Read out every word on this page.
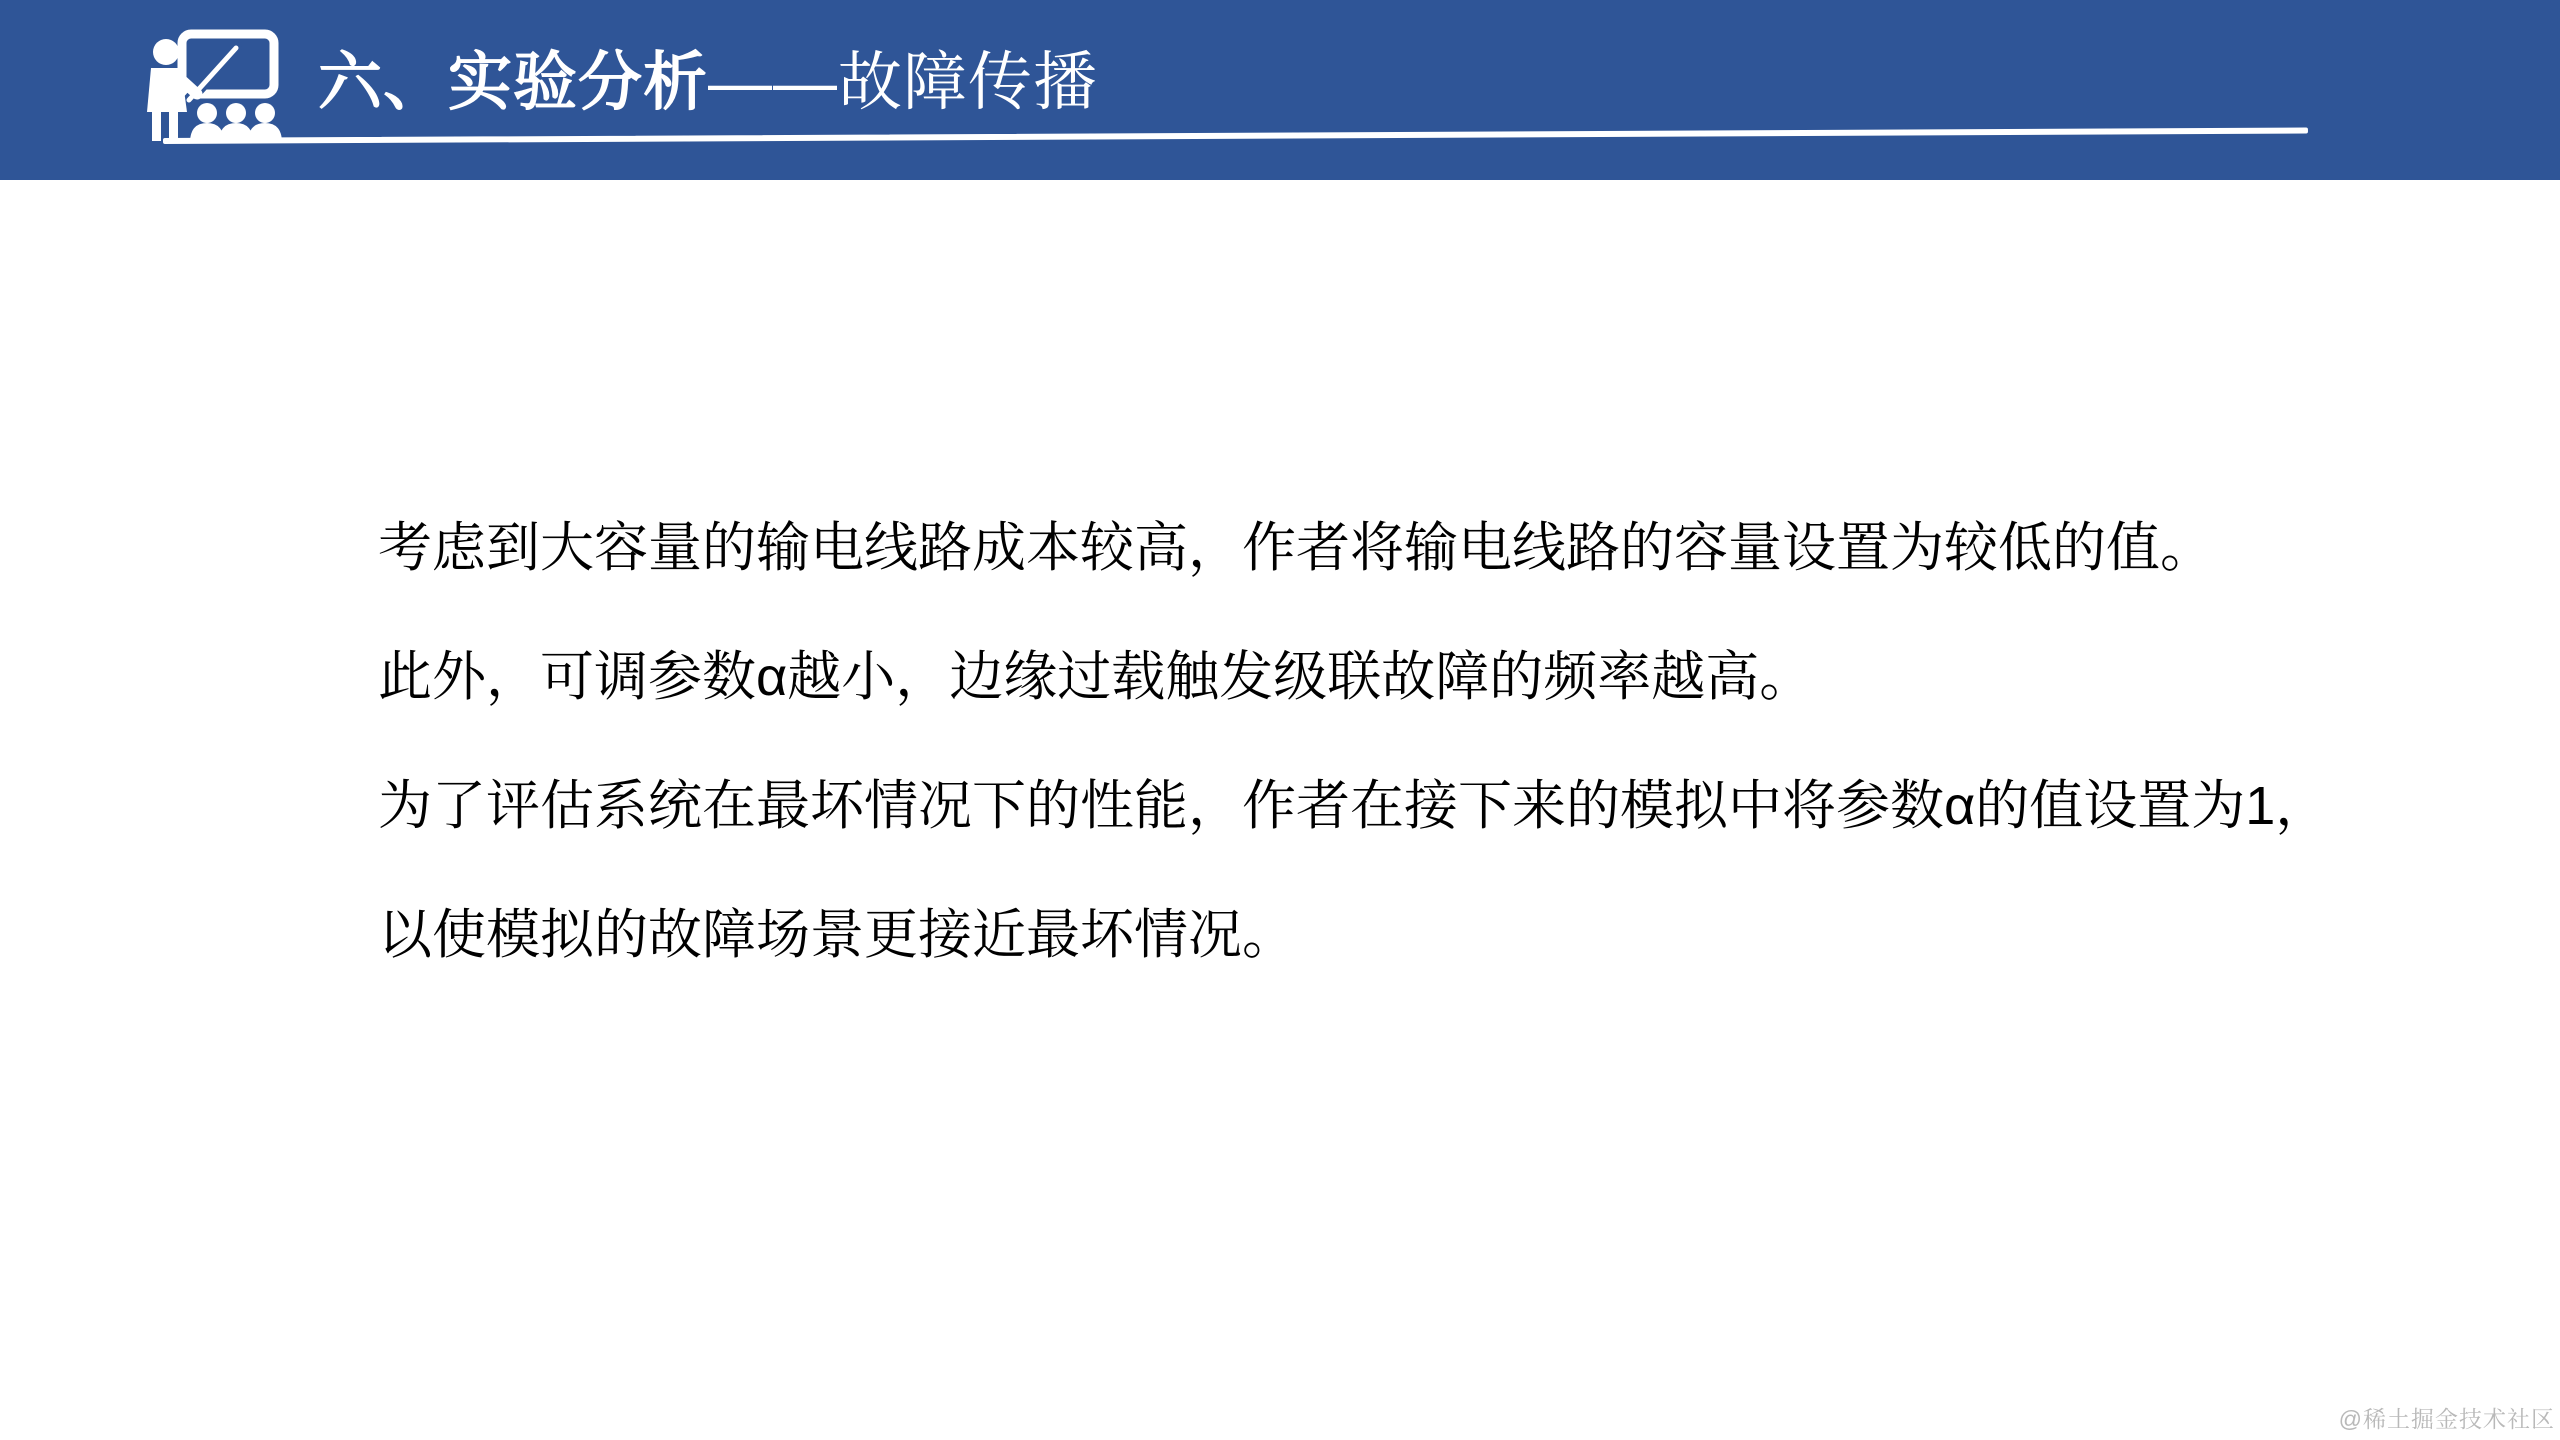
六、实验分析——故障传播

考虑到大容量的输电线路成本较高，作者将输电线路的容量设置为较低的值。

此外，可调参数α越小，边缘过载触发级联故障的频率越高。

为了评估系统在最坏情况下的性能，作者在接下来的模拟中将参数α的值设置为1，

以使模拟的故障场景更接近最坏情况。

@稀土掘金技术社区
